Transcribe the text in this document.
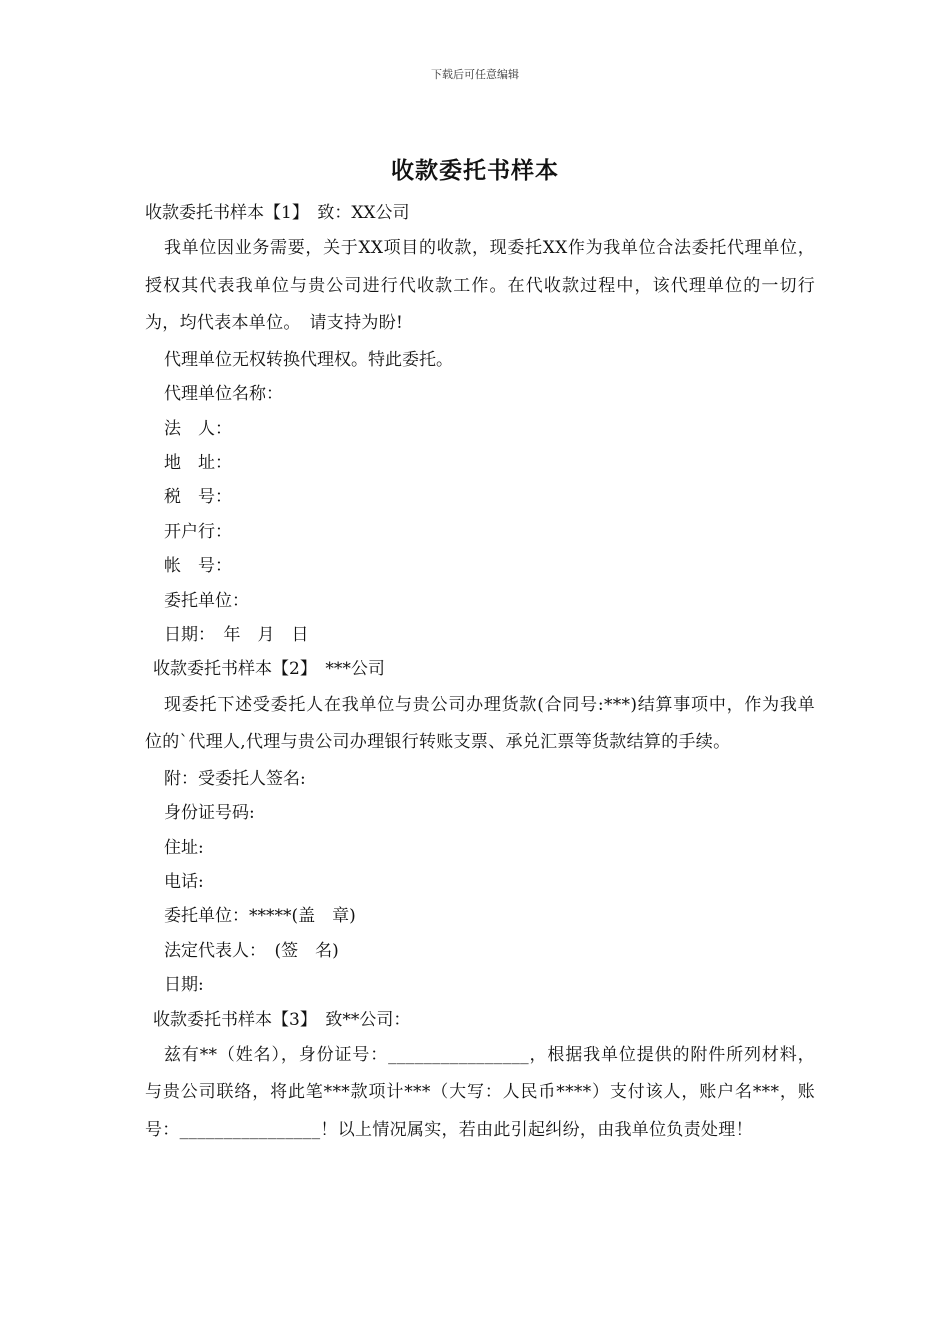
下载后可任意编辑
收款委托书样本
收款委托书样本【1】　致：XX公司
我单位因业务需要，关于XX项目的收款，现委托XX作为我单位合法委托代理单位，授权其代表我单位与贵公司进行代收款工作。在代收款过程中，该代理单位的一切行为，均代表本单位。　请支持为盼!
代理单位无权转换代理权。特此委托。
代理单位名称：
法　人：
地　址：
税　号：
开户行：
帐　号：
委托单位：
日期：　年　月　日
收款委托书样本【2】　***公司
现委托下述受委托人在我单位与贵公司办理货款(合同号:***)结算事项中，作为我单位的`代理人,代理与贵公司办理银行转账支票、承兑汇票等货款结算的手续。
附：受委托人签名:
身份证号码:
住址:
电话:
委托单位：*****(盖　章)
法定代表人：　(签　名)
日期:
收款委托书样本【3】　致**公司：
兹有**（姓名），身份证号：________________，根据我单位提供的附件所列材料，与贵公司联络，将此笔***款项计***（大写：人民币****）支付该人，账户名***，账号：________________！以上情况属实，若由此引起纠纷，由我单位负责处理！
